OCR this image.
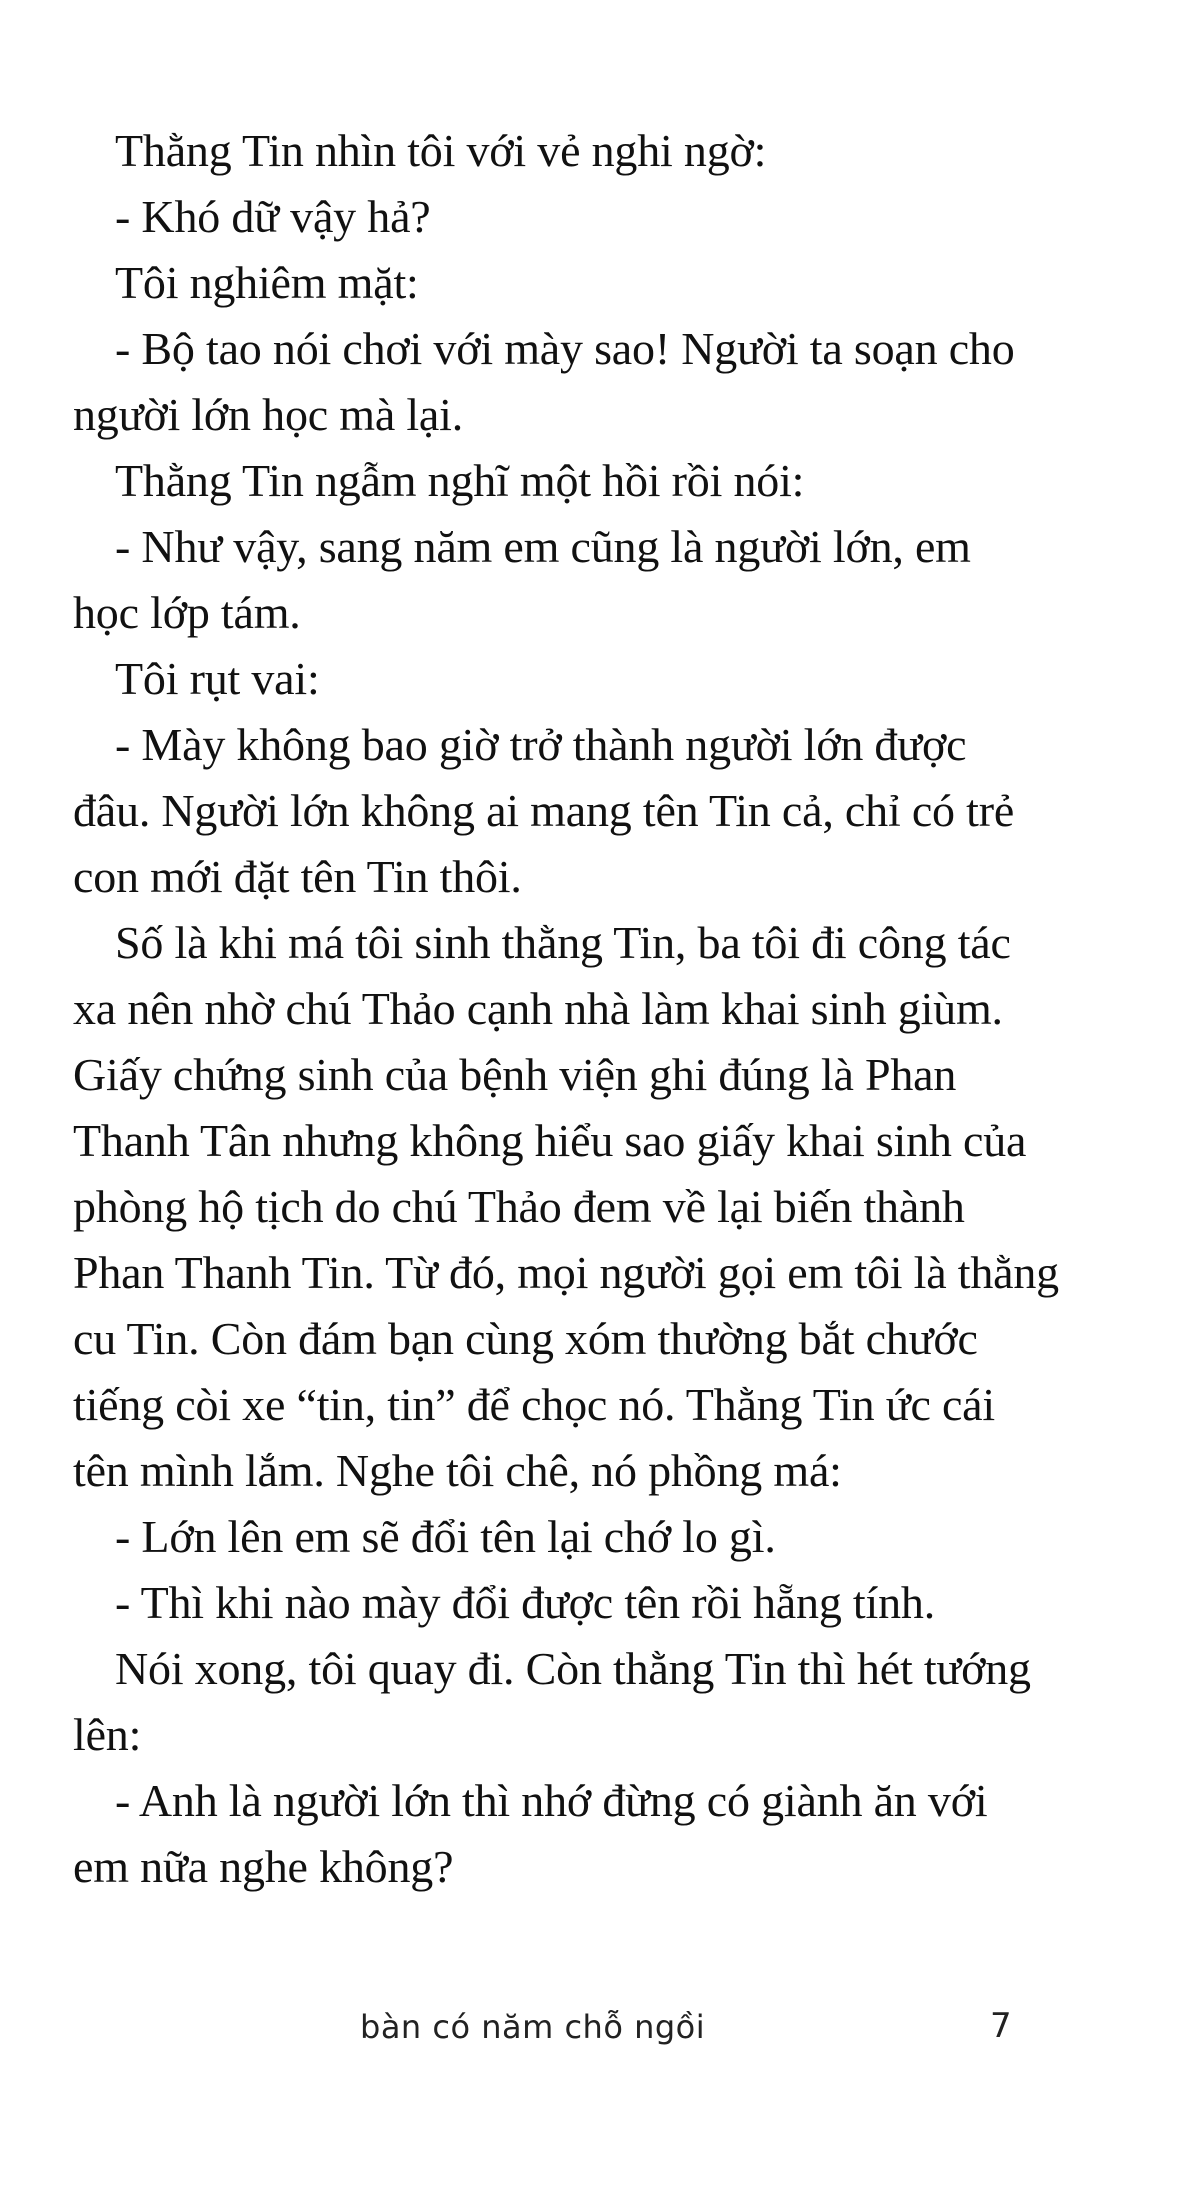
Thằng Tin nhìn tôi với vẻ nghi ngờ:
- Khó dữ vậy hả?
Tôi nghiêm mặt:
- Bộ tao nói chơi với mày sao! Người ta soạn cho
người lớn học mà lại.
Thằng Tin ngẫm nghĩ một hồi rồi nói:
- Như vậy, sang năm em cũng là người lớn, em
học lớp tám.
Tôi rụt vai:
- Mày không bao giờ trở thành người lớn được
đâu. Người lớn không ai mang tên Tin cả, chỉ có trẻ
con mới đặt tên Tin thôi.
Số là khi má tôi sinh thằng Tin, ba tôi đi công tác
xa nên nhờ chú Thảo cạnh nhà làm khai sinh giùm.
Giấy chứng sinh của bệnh viện ghi đúng là Phan
Thanh Tân nhưng không hiểu sao giấy khai sinh của
phòng hộ tịch do chú Thảo đem về lại biến thành
Phan Thanh Tin. Từ đó, mọi người gọi em tôi là thằng
cu Tin. Còn đám bạn cùng xóm thường bắt chước
tiếng còi xe “tin, tin” để chọc nó. Thằng Tin ức cái
tên mình lắm. Nghe tôi chê, nó phồng má:
- Lớn lên em sẽ đổi tên lại chớ lo gì.
- Thì khi nào mày đổi được tên rồi hẵng tính.
Nói xong, tôi quay đi. Còn thằng Tin thì hét tướng
lên:
- Anh là người lớn thì nhớ đừng có giành ăn với
em nữa nghe không?
bàn có năm chỗ ngồi	7
